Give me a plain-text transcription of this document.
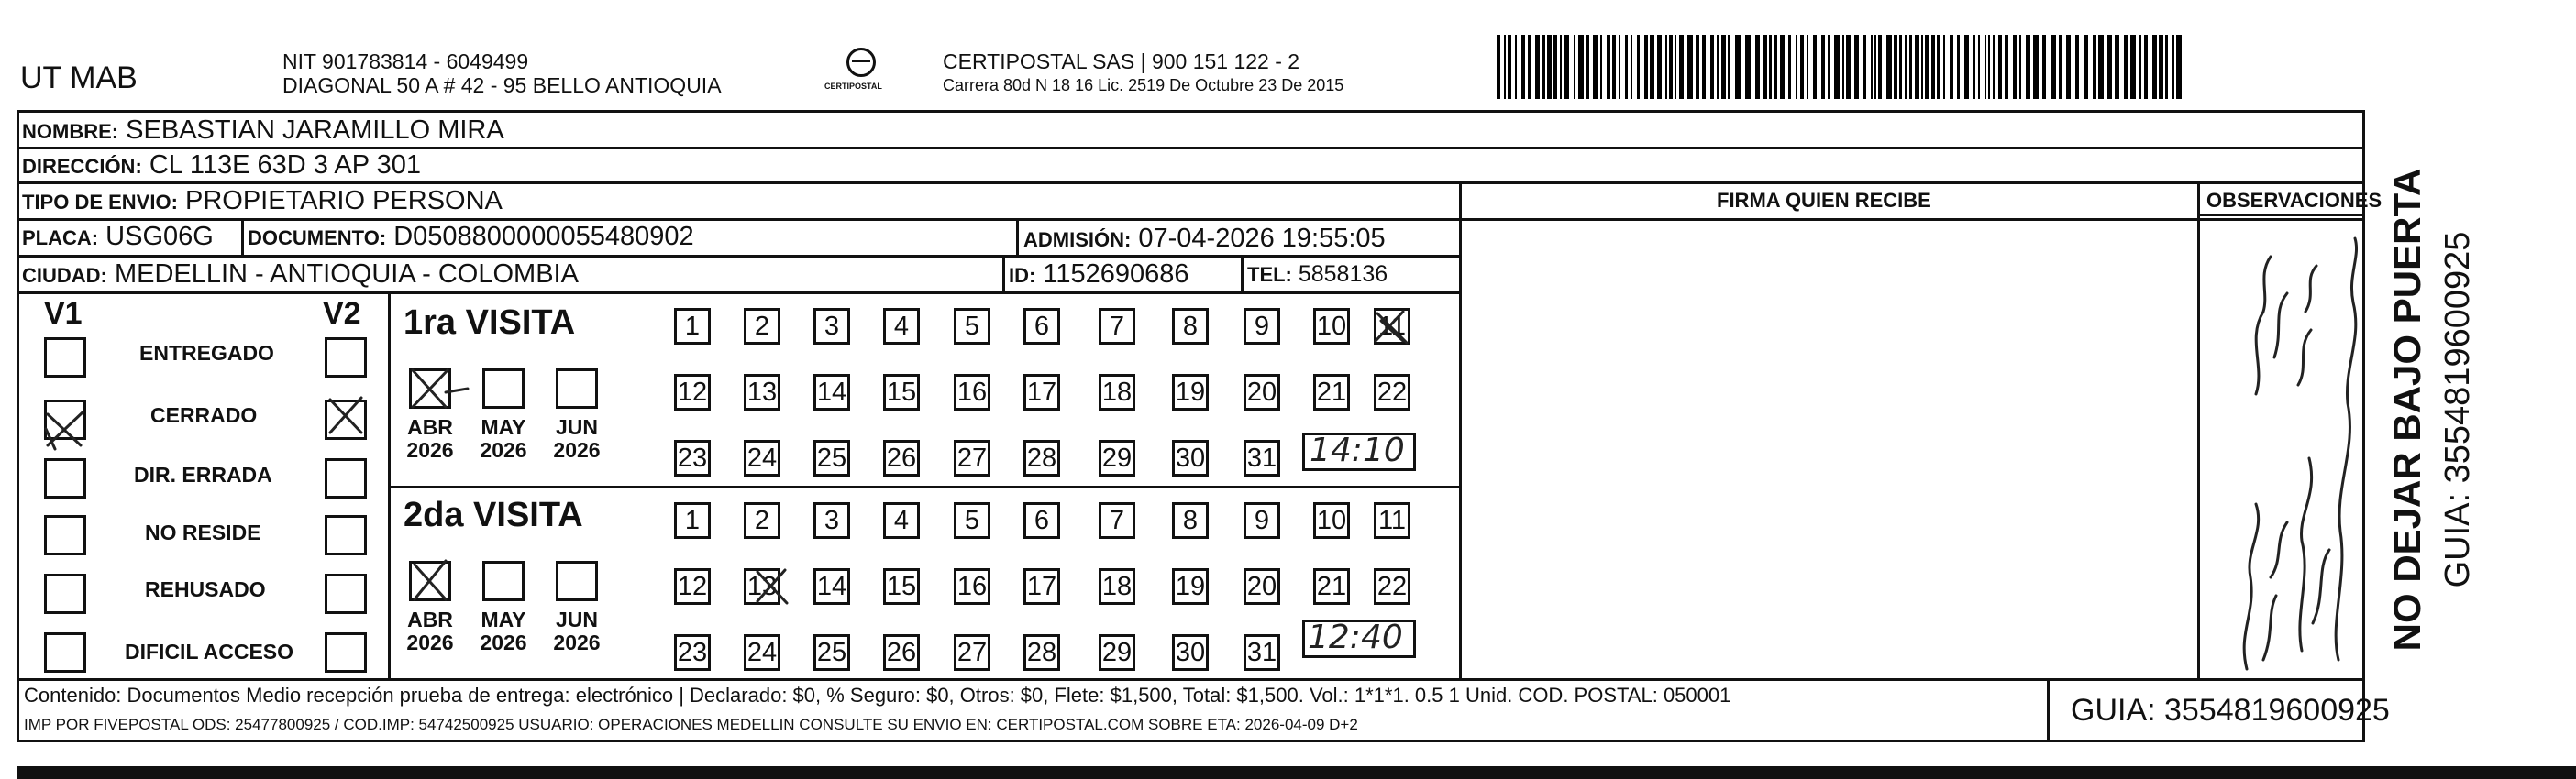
UT MAB	NIT 901783814 - 6049499
DIAGONAL 50 A # 42 - 95 BELLO ANTIOQUIA	CERTIPOSTAL
CERTIPOSTAL SAS | 900 151 122 - 2
Carrera 80d N 18 16 Lic. 2519 De Octubre 23 De 2015
NOMBRE: SEBASTIAN JARAMILLO MIRA
DIRECCIÓN: CL 113E 63D 3 AP 301
TIPO DE ENVIO: PROPIETARIO PERSONA
PLACA: USG06G DOCUMENTO: D0508800000055480902	ADMISIÓN: 07-04-2026 19:55:05
CIUDAD: MEDELLIN - ANTIOQUIA - COLOMBIA	ID: 1152690686	TEL: 5858136
FIRMA QUIEN RECIBE	OBSERVACIONES
V1	V2
ENTREGADO
CERRADO
DIR. ERRADA
NO RESIDE
REHUSADO
DIFICIL ACCESO
1ra VISITA
ABR
2026
MAY
2026
JUN
2026
2da VISITA
ABR
2026
MAY
2026
JUN
2026
1	2	3	4	5	6	7	8	9	10 11
12 13 14 15 16 17 18 19 20 21 22
23 24 25 26 27 28 29 30 31
1	2	3	4	5	6	7	8	9	10 11
12 13 14 15 16 17 18 19 20 21 22
23 24 25 26 27 28 29 30 31
14:10
12:40
Contenido: Documentos Medio recepción prueba de entrega: electrónico | Declarado: $0, % Seguro: $0, Otros: $0, Flete: $1,500, Total: $1,500. Vol.: 1*1*1. 0.5 1 Unid. COD. POSTAL: 050001
IMP POR FIVEPOSTAL ODS: 25477800925 / COD.IMP: 54742500925 USUARIO: OPERACIONES MEDELLIN CONSULTE SU ENVIO EN: CERTIPOSTAL.COM SOBRE ETA: 2026-04-09 D+2	GUIA: 3554819600925
NO DEJAR BAJO PUERTA GUIA: 3554819600925
